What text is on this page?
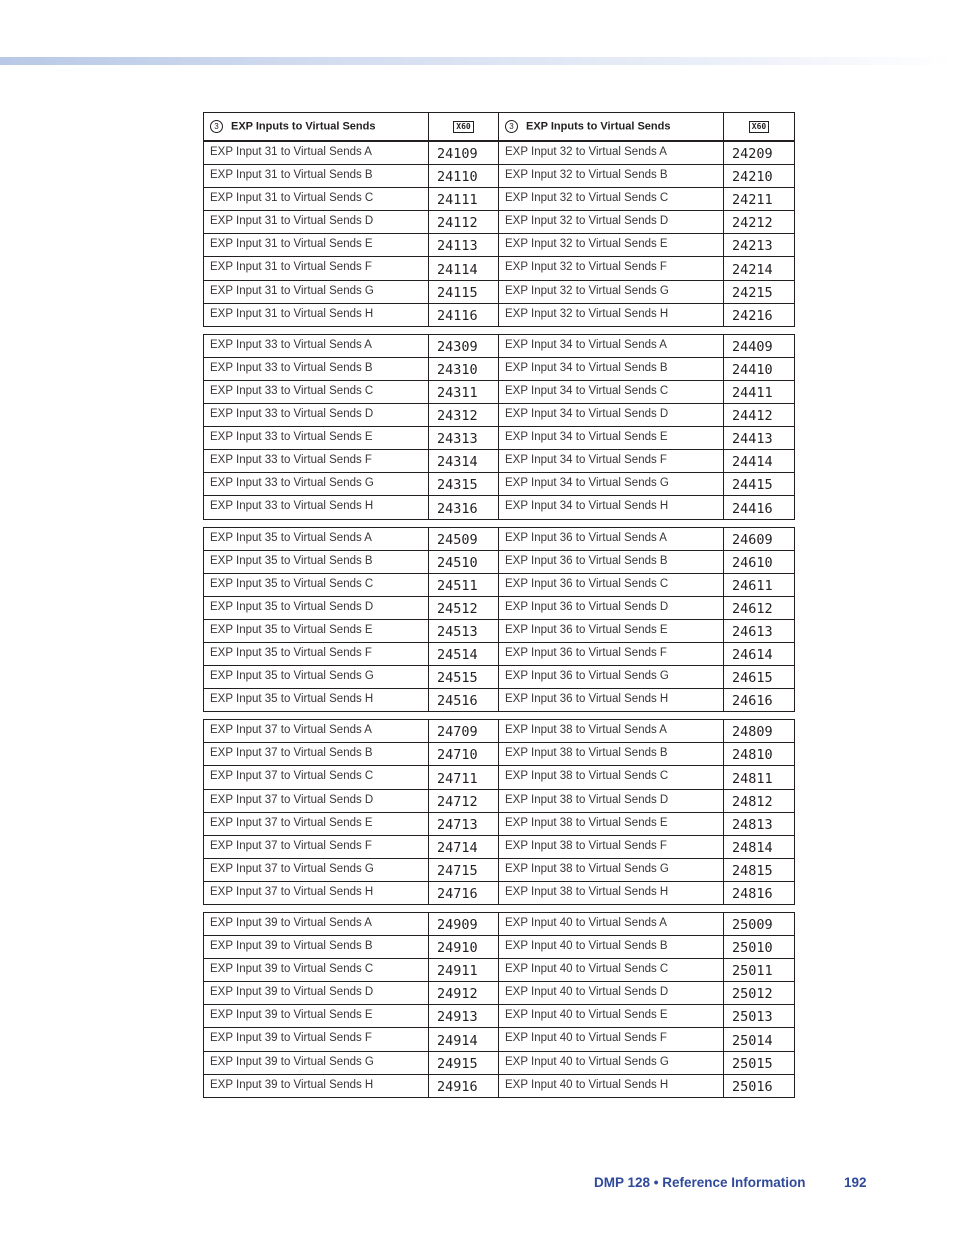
3 EXP Inputs to Virtual Sends	X60	3 EXP Inputs to Virtual Sends	X60
EXP Input 31 to Virtual Sends A	24109	EXP Input 32 to Virtual Sends A	24209
EXP Input 31 to Virtual Sends B	24110	EXP Input 32 to Virtual Sends B	24210
EXP Input 31 to Virtual Sends C	24111	EXP Input 32 to Virtual Sends C	24211
EXP Input 31 to Virtual Sends D	24112	EXP Input 32 to Virtual Sends D	24212
EXP Input 31 to Virtual Sends E	24113	EXP Input 32 to Virtual Sends E	24213
EXP Input 31 to Virtual Sends F	24114	EXP Input 32 to Virtual Sends F	24214
EXP Input 31 to Virtual Sends G	24115	EXP Input 32 to Virtual Sends G	24215
EXP Input 31 to Virtual Sends H	24116	EXP Input 32 to Virtual Sends H	24216
EXP Input 33 to Virtual Sends A	24309	EXP Input 34 to Virtual Sends A	24409
EXP Input 33 to Virtual Sends B	24310	EXP Input 34 to Virtual Sends B	24410
EXP Input 33 to Virtual Sends C	24311	EXP Input 34 to Virtual Sends C	24411
EXP Input 33 to Virtual Sends D	24312	EXP Input 34 to Virtual Sends D	24412
EXP Input 33 to Virtual Sends E	24313	EXP Input 34 to Virtual Sends E	24413
EXP Input 33 to Virtual Sends F	24314	EXP Input 34 to Virtual Sends F	24414
EXP Input 33 to Virtual Sends G	24315	EXP Input 34 to Virtual Sends G	24415
EXP Input 33 to Virtual Sends H	24316	EXP Input 34 to Virtual Sends H	24416
EXP Input 35 to Virtual Sends A	24509	EXP Input 36 to Virtual Sends A	24609
EXP Input 35 to Virtual Sends B	24510	EXP Input 36 to Virtual Sends B	24610
EXP Input 35 to Virtual Sends C	24511	EXP Input 36 to Virtual Sends C	24611
EXP Input 35 to Virtual Sends D	24512	EXP Input 36 to Virtual Sends D	24612
EXP Input 35 to Virtual Sends E	24513	EXP Input 36 to Virtual Sends E	24613
EXP Input 35 to Virtual Sends F	24514	EXP Input 36 to Virtual Sends F	24614
EXP Input 35 to Virtual Sends G	24515	EXP Input 36 to Virtual Sends G	24615
EXP Input 35 to Virtual Sends H	24516	EXP Input 36 to Virtual Sends H	24616
EXP Input 37 to Virtual Sends A	24709	EXP Input 38 to Virtual Sends A	24809
EXP Input 37 to Virtual Sends B	24710	EXP Input 38 to Virtual Sends B	24810
EXP Input 37 to Virtual Sends C	24711	EXP Input 38 to Virtual Sends C	24811
EXP Input 37 to Virtual Sends D	24712	EXP Input 38 to Virtual Sends D	24812
EXP Input 37 to Virtual Sends E	24713	EXP Input 38 to Virtual Sends E	24813
EXP Input 37 to Virtual Sends F	24714	EXP Input 38 to Virtual Sends F	24814
EXP Input 37 to Virtual Sends G	24715	EXP Input 38 to Virtual Sends G	24815
EXP Input 37 to Virtual Sends H	24716	EXP Input 38 to Virtual Sends H	24816
EXP Input 39 to Virtual Sends A	24909	EXP Input 40 to Virtual Sends A	25009
EXP Input 39 to Virtual Sends B	24910	EXP Input 40 to Virtual Sends B	25010
EXP Input 39 to Virtual Sends C	24911	EXP Input 40 to Virtual Sends C	25011
EXP Input 39 to Virtual Sends D	24912	EXP Input 40 to Virtual Sends D	25012
EXP Input 39 to Virtual Sends E	24913	EXP Input 40 to Virtual Sends E	25013
EXP Input 39 to Virtual Sends F	24914	EXP Input 40 to Virtual Sends F	25014
EXP Input 39 to Virtual Sends G	24915	EXP Input 40 to Virtual Sends G	25015
EXP Input 39 to Virtual Sends H	24916	EXP Input 40 to Virtual Sends H	25016
DMP 128 • Reference Information	192
